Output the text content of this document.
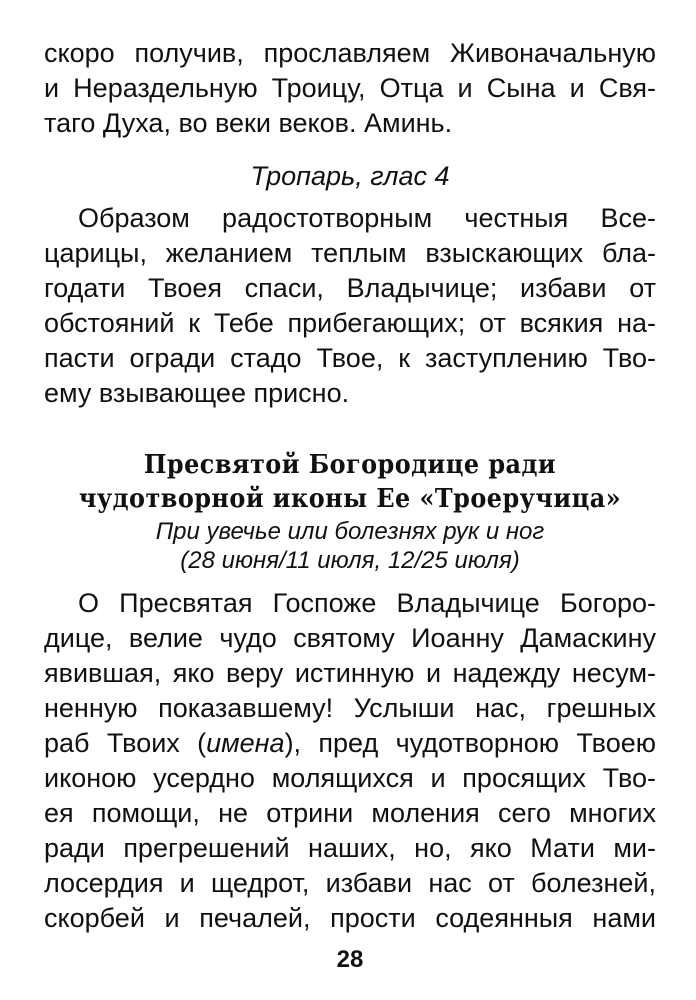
скоро получив, прославляем Живоначальную
и Нераздельную Троицу, Отца и Сына и Свя-
таго Духа, во веки веков. Аминь.
Тропарь, глас 4
Образом радостотворным честныя Все-
царицы, желанием теплым взыскающих бла-
годати Твоея спаси, Владычице; избави от
обстояний к Тебе прибегающих; от всякия на-
пасти огради стадо Твое, к заступлению Тво-
ему взывающее присно.
Пресвятой Богородице ради
чудотворной иконы Ее «Троеручица»
При увечье или болезнях рук и ног
(28 июня/11 июля, 12/25 июля)
О Пресвятая Госпоже Владычице Богоро-
дице, велие чудо святому Иоанну Дамаскину
явившая, яко веру истинную и надежду несум-
ненную показавшему! Услыши нас, грешных
раб Твоих (имена), пред чудотворною Твоею
иконою усердно молящихся и просящих Тво-
ея помощи, не отрини моления сего многих
ради прегрешений наших, но, яко Мати ми-
лосердия и щедрот, избави нас от болезней,
скорбей и печалей, прости содеянныя нами
28
